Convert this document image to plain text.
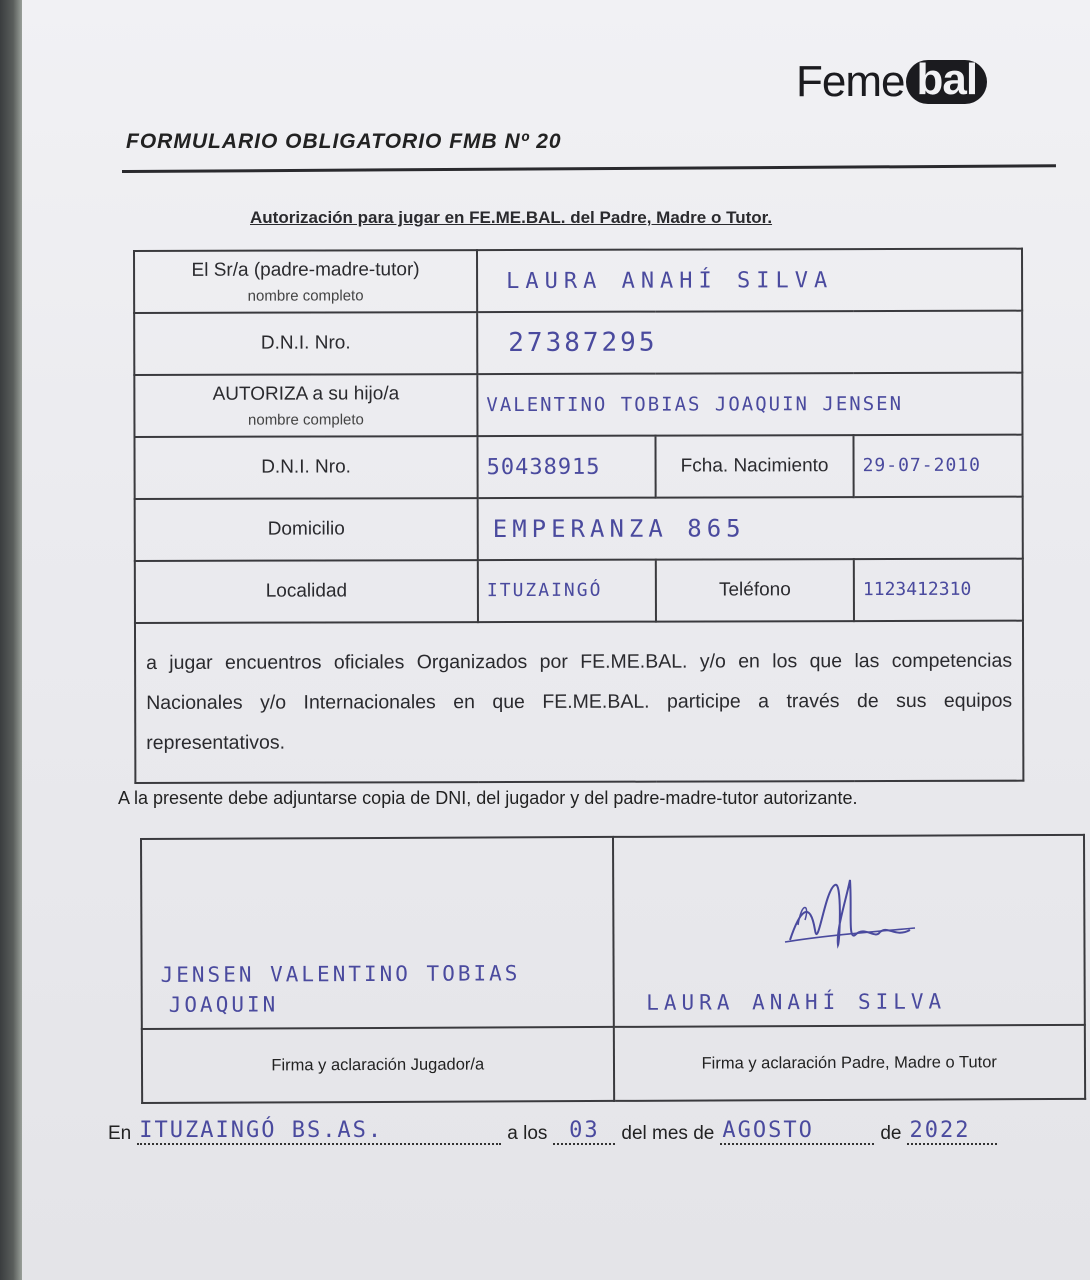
Feme bal
FORMULARIO OBLIGATORIO FMB Nº 20
Autorización para jugar en FE.ME.BAL. del Padre, Madre o Tutor.
El Sr/a (padre-madre-tutor)
nombre completo	LAURA ANAHÍ SILVA		
D.N.I. Nro.	27387295		
AUTORIZA a su hijo/a
nombre completo	VALENTINO TOBIAS JOAQUIN JENSEN		
D.N.I. Nro.	50438915	Fcha. Nacimiento	29-07-2010
Domicilio	EMPERANZA 865		
Localidad	ITUZAINGÓ	Teléfono	1123412310
a jugar encuentros oficiales Organizados por FE.ME.BAL. y/o en los que las competencias Nacionales y/o Internacionales en que FE.ME.BAL. participe a través de sus equipos representativos.			
A la presente debe adjuntarse copia de DNI, del jugador y del padre-madre-tutor autorizante.
JENSEN VALENTINO TOBIAS
JOAQUIN	LAURA ANAHÍ SILVA

Firma y aclaración Jugador/a	Firma y aclaración Padre, Madre o Tutor
En ITUZAINGÓ BS.AS.	a los 03	del mes de AGOSTO	de 2022
